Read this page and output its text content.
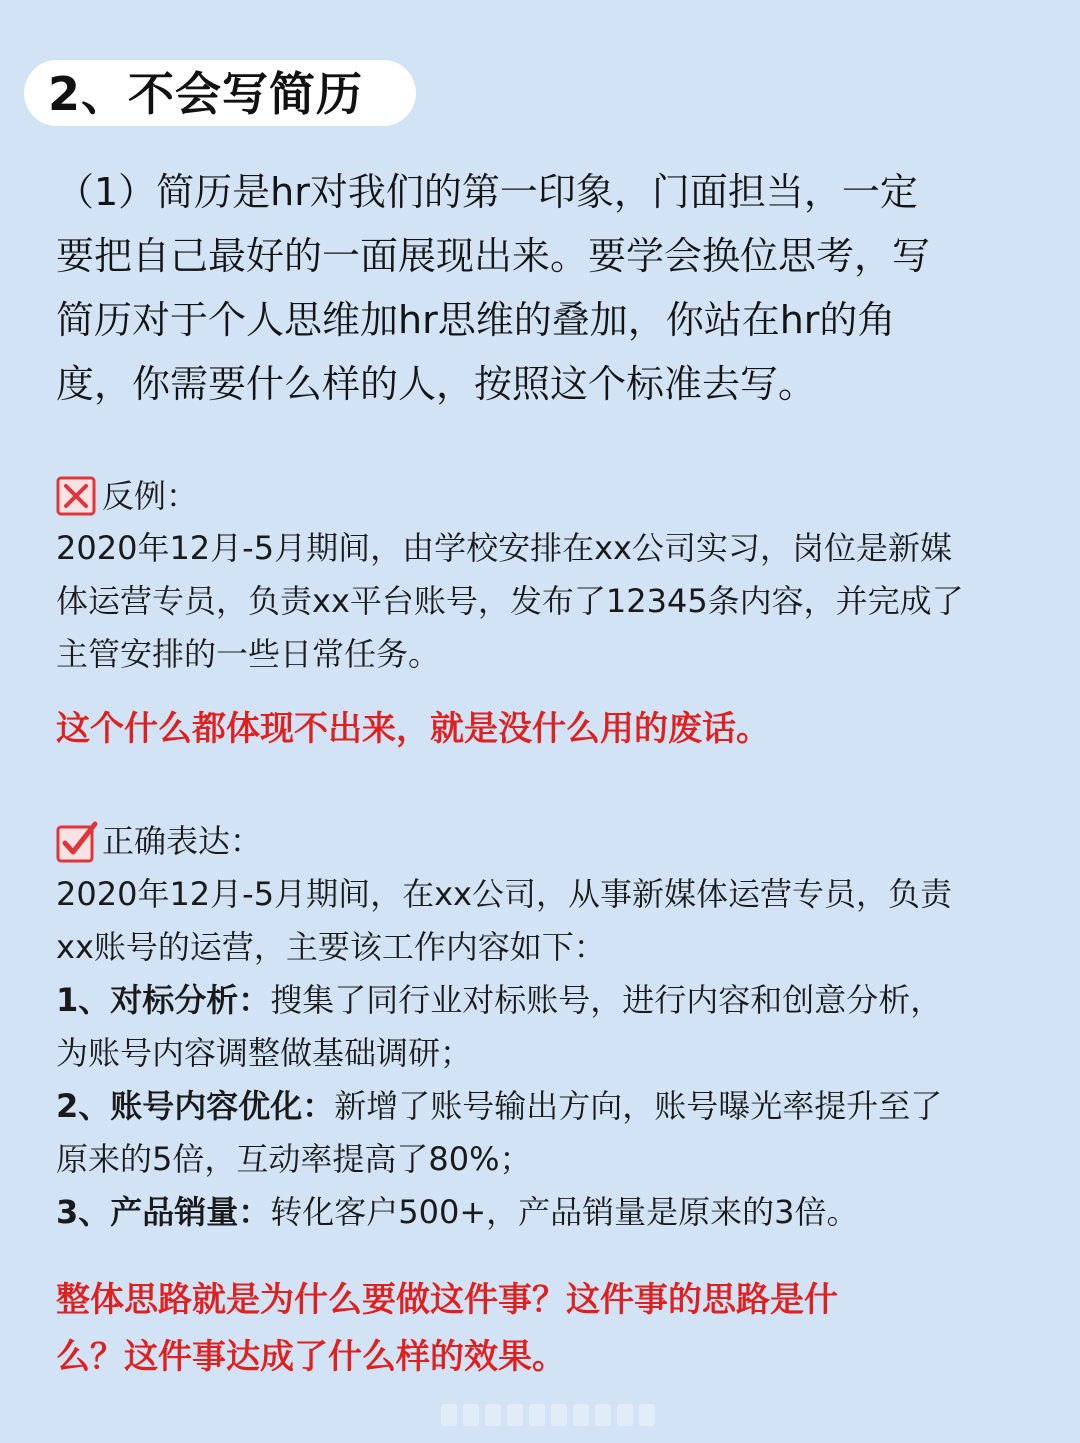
2、不会写简历
（1）简历是hr对我们的第一印象，门面担当，一定
要把自己最好的一面展现出来。要学会换位思考，写
简历对于个人思维加hr思维的叠加，你站在hr的角
度，你需要什么样的人，按照这个标准去写。
反例：
2020年12月-5月期间，由学校安排在xx公司实习，岗位是新媒
体运营专员，负责xx平台账号，发布了12345条内容，并完成了
主管安排的一些日常任务。
这个什么都体现不出来，就是没什么用的废话。
正确表达：
2020年12月-5月期间，在xx公司，从事新媒体运营专员，负责
xx账号的运营，主要该工作内容如下：
1、对标分析：搜集了同行业对标账号，进行内容和创意分析，
为账号内容调整做基础调研；
2、账号内容优化：新增了账号输出方向，账号曝光率提升至了
原来的5倍，互动率提高了80%；
3、产品销量：转化客户500+，产品销量是原来的3倍。
整体思路就是为什么要做这件事？这件事的思路是什
么？这件事达成了什么样的效果。
